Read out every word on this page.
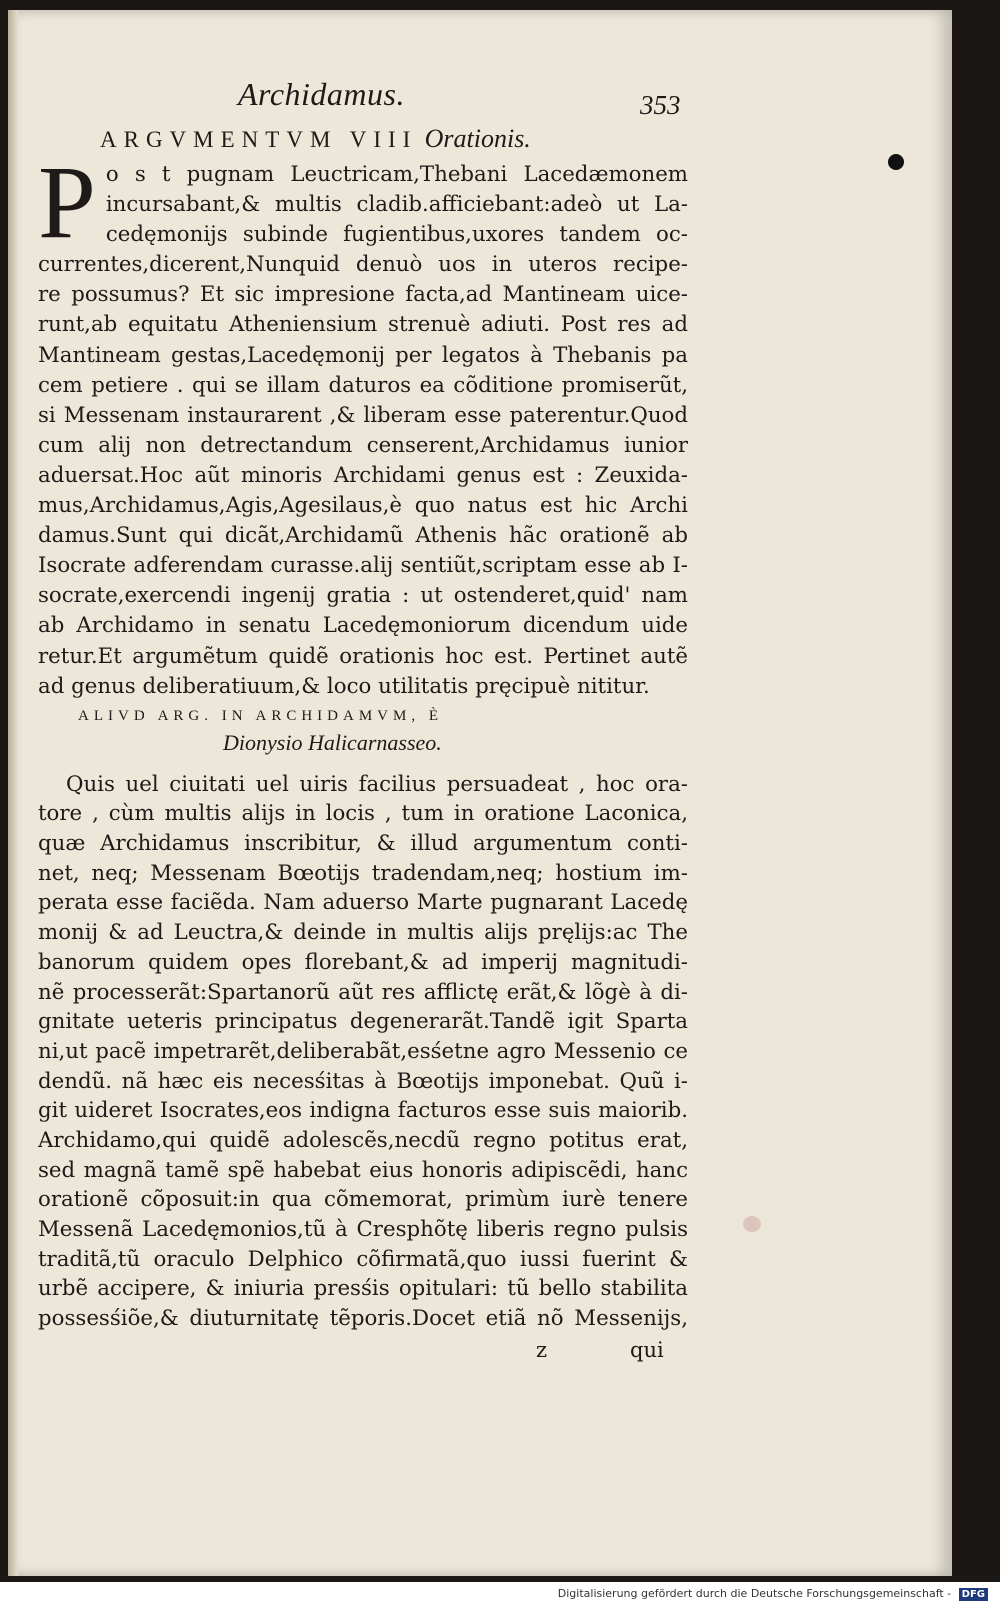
Archidamus.	353
ARGVMENTVM VIII Orationis.
P o s t pugnam Leuctricam,Thebani Lacedæmonem
incursabant,& multis cladib.afficiebant:adeò ut La-
cedęmonijs subinde fugientibus,uxores tandem oc-
currentes,dicerent,Nunquid denuò uos in uteros recipe-
re possumus? Et sic impresione facta,ad Mantineam uice-
runt,ab equitatu Atheniensium strenuè adiuti. Post res ad
Mantineam gestas,Lacedęmonij per legatos à Thebanis pa
cem petiere . qui se illam daturos ea cõditione promiserũt,
si Messenam instaurarent ,& liberam esse paterentur.Quod
cum alij non detrectandum censerent,Archidamus iunior
aduersat.Hoc aũt minoris Archidami genus est : Zeuxida-
mus,Archidamus,Agis,Agesilaus,è quo natus est hic Archi
damus.Sunt qui dicãt,Archidamũ Athenis hãc orationẽ ab
Isocrate adferendam curasse.alij sentiũt,scriptam esse ab I-
socrate,exercendi ingenij gratia : ut ostenderet,quid' nam
ab Archidamo in senatu Lacedęmoniorum dicendum uide
retur.Et argumẽtum quidẽ orationis hoc est. Pertinet autẽ
ad genus deliberatiuum,& loco utilitatis pręcipuè nititur.
ALIVD ARG. IN ARCHIDAMVM, È
Dionysio Halicarnasseo.
Quis uel ciuitati uel uiris facilius persuadeat , hoc ora-
tore , cùm multis alijs in locis , tum in oratione Laconica,
quæ Archidamus inscribitur, & illud argumentum conti-
net, neq; Messenam Bœotijs tradendam,neq; hostium im-
perata esse faciẽda. Nam aduerso Marte pugnarant Lacedę
monij & ad Leuctra,& deinde in multis alijs pręlijs:ac The
banorum quidem opes florebant,& ad imperij magnitudi-
nẽ processerãt:Spartanorũ aũt res afflictę erãt,& lõgè à di-
gnitate ueteris principatus degenerarãt.Tandẽ igit Sparta
ni,ut pacẽ impetrarẽt,deliberabãt,esśetne agro Messenio ce
dendũ. nã hæc eis necesśitas à Bœotijs imponebat. Quũ i-
git uideret Isocrates,eos indigna facturos esse suis maiorib.
Archidamo,qui quidẽ adolescẽs,necdũ regno potitus erat,
sed magnã tamẽ spẽ habebat eius honoris adipiscẽdi, hanc
orationẽ cõposuit:in qua cõmemorat, primùm iurè tenere
Messenã Lacedęmonios,tũ à Cresphõtę liberis regno pulsis
traditã,tũ oraculo Delphico cõfirmatã,quo iussi fuerint &
urbẽ accipere, & iniuria presśis opitulari: tũ bello stabilita
possesśiõe,& diuturnitatę tẽporis.Docet etiã nõ Messenijs,
z	qui
Digitalisierung gefördert durch die Deutsche Forschungsgemeinschaft - DFG
